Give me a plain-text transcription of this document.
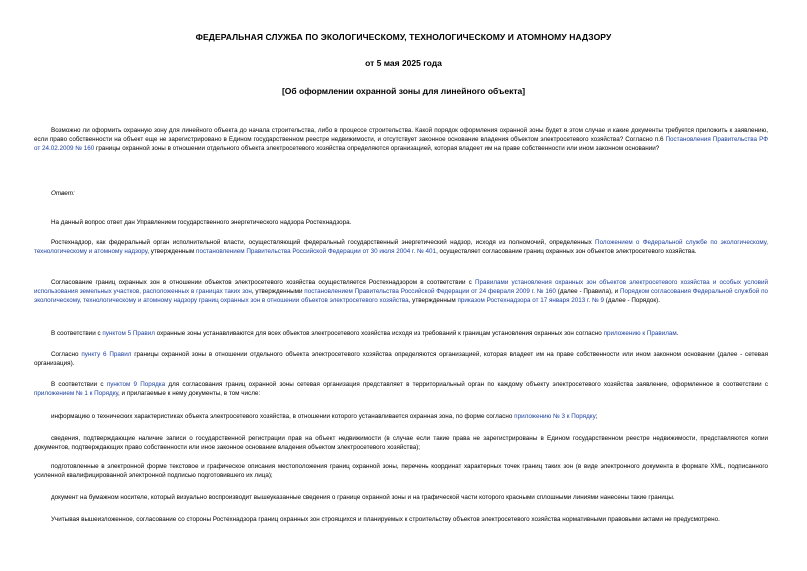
ФЕДЕРАЛЬНАЯ СЛУЖБА ПО ЭКОЛОГИЧЕСКОМУ, ТЕХНОЛОГИЧЕСКОМУ И АТОМНОМУ НАДЗОРУ
от 5 мая 2025 года
[Об оформлении охранной зоны для линейного объекта]
Возможно ли оформить охранную зону для линейного объекта до начала строительства, либо в процессе строительства. Какой порядок оформления охранной зоны будет в этом случае и какие документы требуется приложить к заявлению, если право собственности на объект еще не зарегистрировано в Едином государственном реестре недвижимости, и отсутствует законное основание владения объектом электросетевого хозяйства? Согласно п.6 Постановления Правительства РФ от 24.02.2009 № 160 границы охранной зоны в отношении отдельного объекта электросетевого хозяйства определяются организацией, которая владеет им на праве собственности или ином законном основании?
Ответ:
На данный вопрос ответ дан Управлением государственного энергетического надзора Ростехнадзора.
Ростехнадзор, как федеральный орган исполнительной власти, осуществляющий федеральный государственный энергетический надзор, исходя из полномочий, определенных Положением о Федеральной службе по экологическому, технологическому и атомному надзору, утвержденным постановлением Правительства Российской Федерации от 30 июля 2004 г. № 401, осуществляет согласование границ охранных зон объектов электросетевого хозяйства.
Согласование границ охранных зон в отношении объектов электросетевого хозяйства осуществляется Ростехнадзором в соответствии с Правилами установления охранных зон объектов электросетевого хозяйства и особых условий использования земельных участков, расположенных в границах таких зон, утвержденными постановлением Правительства Российской Федерации от 24 февраля 2009 г. № 160 (далее - Правила), и Порядком согласования Федеральной службой по экологическому, технологическому и атомному надзору границ охранных зон в отношении объектов электросетевого хозяйства, утвержденным приказом Ростехнадзора от 17 января 2013 г. № 9 (далее - Порядок).
В соответствии с пунктом 5 Правил охранные зоны устанавливаются для всех объектов электросетевого хозяйства исходя из требований к границам установления охранных зон согласно приложению к Правилам.
Согласно пункту 6 Правил границы охранной зоны в отношении отдельного объекта электросетевого хозяйства определяются организацией, которая владеет им на праве собственности или ином законном основании (далее - сетевая организация).
В соответствии с пунктом 9 Порядка для согласования границ охранной зоны сетевая организация представляет в территориальный орган по каждому объекту электросетевого хозяйства заявление, оформленное в соответствии с приложением № 1 к Порядку, и прилагаемые к нему документы, в том числе:
информацию о технических характеристиках объекта электросетевого хозяйства, в отношении которого устанавливается охранная зона, по форме согласно приложению № 3 к Порядку;
сведения, подтверждающие наличие записи о государственной регистрации прав на объект недвижимости (в случае если такие права не зарегистрированы в Едином государственном реестре недвижимости, представляются копии документов, подтверждающих право собственности или иное законное основание владения объектом электросетевого хозяйства);
подготовленные в электронной форме текстовое и графическое описания местоположения границ охранной зоны, перечень координат характерных точек границ таких зон (в виде электронного документа в формате XML, подписанного усиленной квалифицированной электронной подписью подготовившего их лица);
документ на бумажном носителе, который визуально воспроизводит вышеуказанные сведения о границе охранной зоны и на графической части которого красными сплошными линиями нанесены такие границы.
Учитывая вышеизложенное, согласование со стороны Ростехнадзора границ охранных зон строящихся и планируемых к строительству объектов электросетевого хозяйства нормативными правовыми актами не предусмотрено.
